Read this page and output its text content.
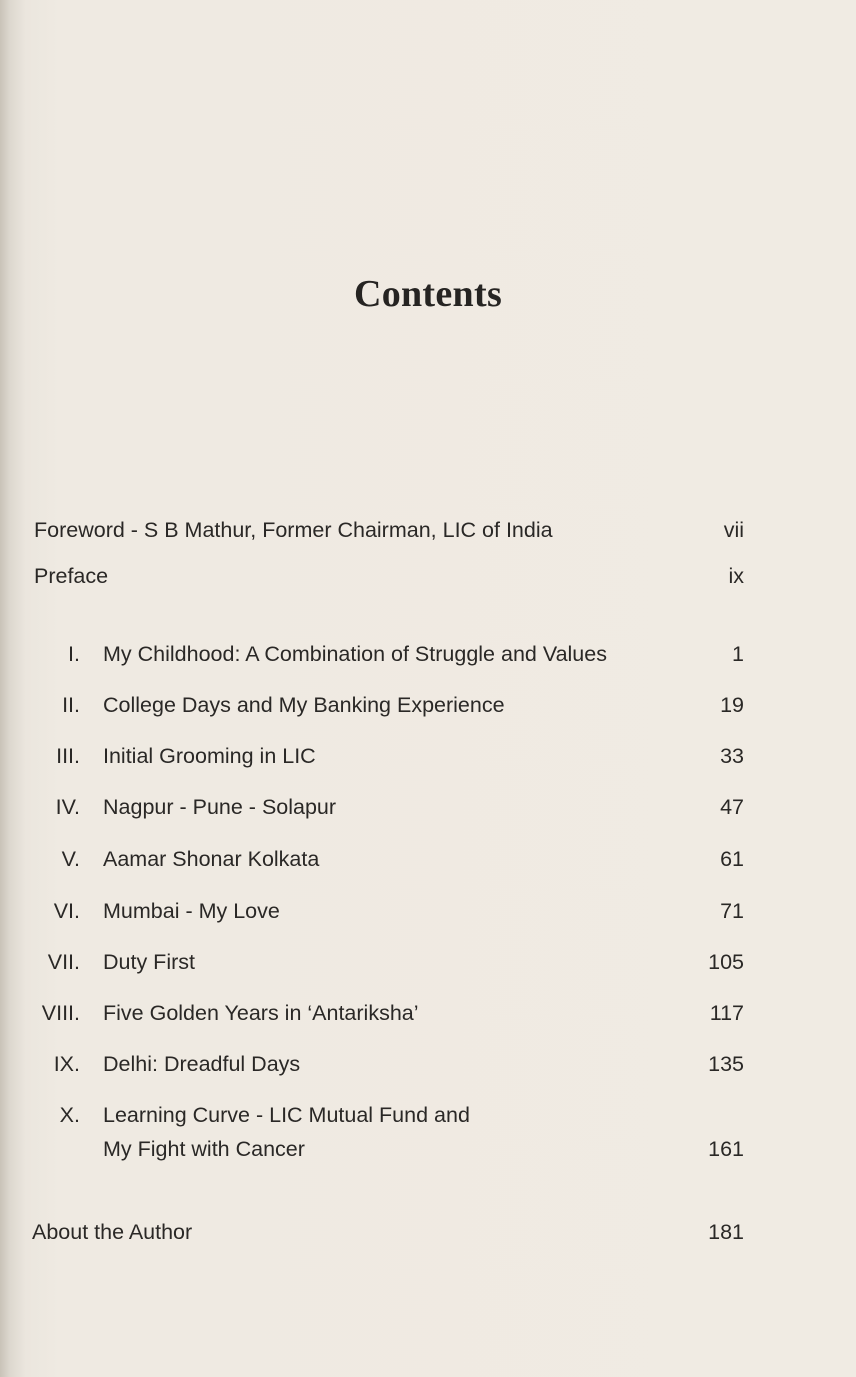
Contents
Foreword - S B Mathur, Former Chairman, LIC of India	vii
Preface	ix
I. My Childhood: A Combination of Struggle and Values	1
II. College Days and My Banking Experience	19
III. Initial Grooming in LIC	33
IV. Nagpur - Pune - Solapur	47
V. Aamar Shonar Kolkata	61
VI. Mumbai - My Love	71
VII. Duty First	105
VIII. Five Golden Years in ‘Antariksha’	117
IX. Delhi: Dreadful Days	135
X. Learning Curve - LIC Mutual Fund and
My Fight with Cancer	161
About the Author	181
